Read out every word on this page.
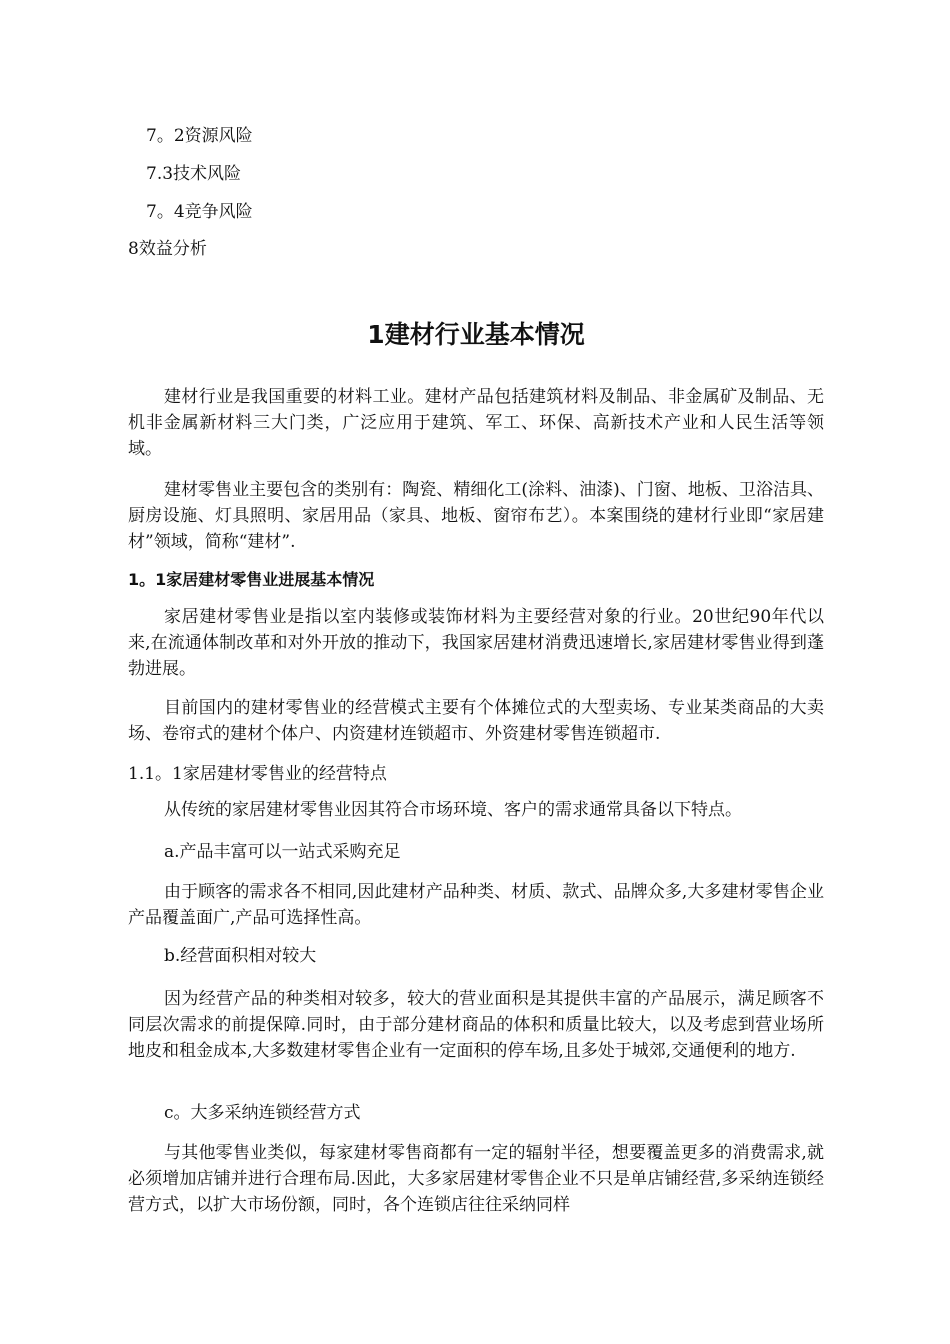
7。2资源风险
7.3技术风险
7。4竞争风险
8效益分析
1建材行业基本情况
建材行业是我国重要的材料工业。建材产品包括建筑材料及制品、非金属矿及制品、无机非金属新材料三大门类，广泛应用于建筑、军工、环保、高新技术产业和人民生活等领域。
建材零售业主要包含的类别有：陶瓷、精细化工(涂料、油漆)、门窗、地板、卫浴洁具、厨房设施、灯具照明、家居用品（家具、地板、窗帘布艺）。本案围绕的建材行业即“家居建材”领域，简称“建材”.
1。1家居建材零售业进展基本情况
家居建材零售业是指以室内装修或装饰材料为主要经营对象的行业。20世纪90年代以来,在流通体制改革和对外开放的推动下，我国家居建材消费迅速增长,家居建材零售业得到蓬勃进展。
目前国内的建材零售业的经营模式主要有个体摊位式的大型卖场、专业某类商品的大卖场、卷帘式的建材个体户、内资建材连锁超市、外资建材零售连锁超市.
1.1。1家居建材零售业的经营特点
从传统的家居建材零售业因其符合市场环境、客户的需求通常具备以下特点。
a.产品丰富可以一站式采购充足
由于顾客的需求各不相同,因此建材产品种类、材质、款式、品牌众多,大多建材零售企业产品覆盖面广,产品可选择性高。
b.经营面积相对较大
因为经营产品的种类相对较多，较大的营业面积是其提供丰富的产品展示，满足顾客不同层次需求的前提保障.同时，由于部分建材商品的体积和质量比较大，以及考虑到营业场所地皮和租金成本,大多数建材零售企业有一定面积的停车场,且多处于城郊,交通便利的地方.
c。大多采纳连锁经营方式
与其他零售业类似，每家建材零售商都有一定的辐射半径，想要覆盖更多的消费需求,就必须增加店铺并进行合理布局.因此，大多家居建材零售企业不只是单店铺经营,多采纳连锁经营方式，以扩大市场份额，同时，各个连锁店往往采纳同样
